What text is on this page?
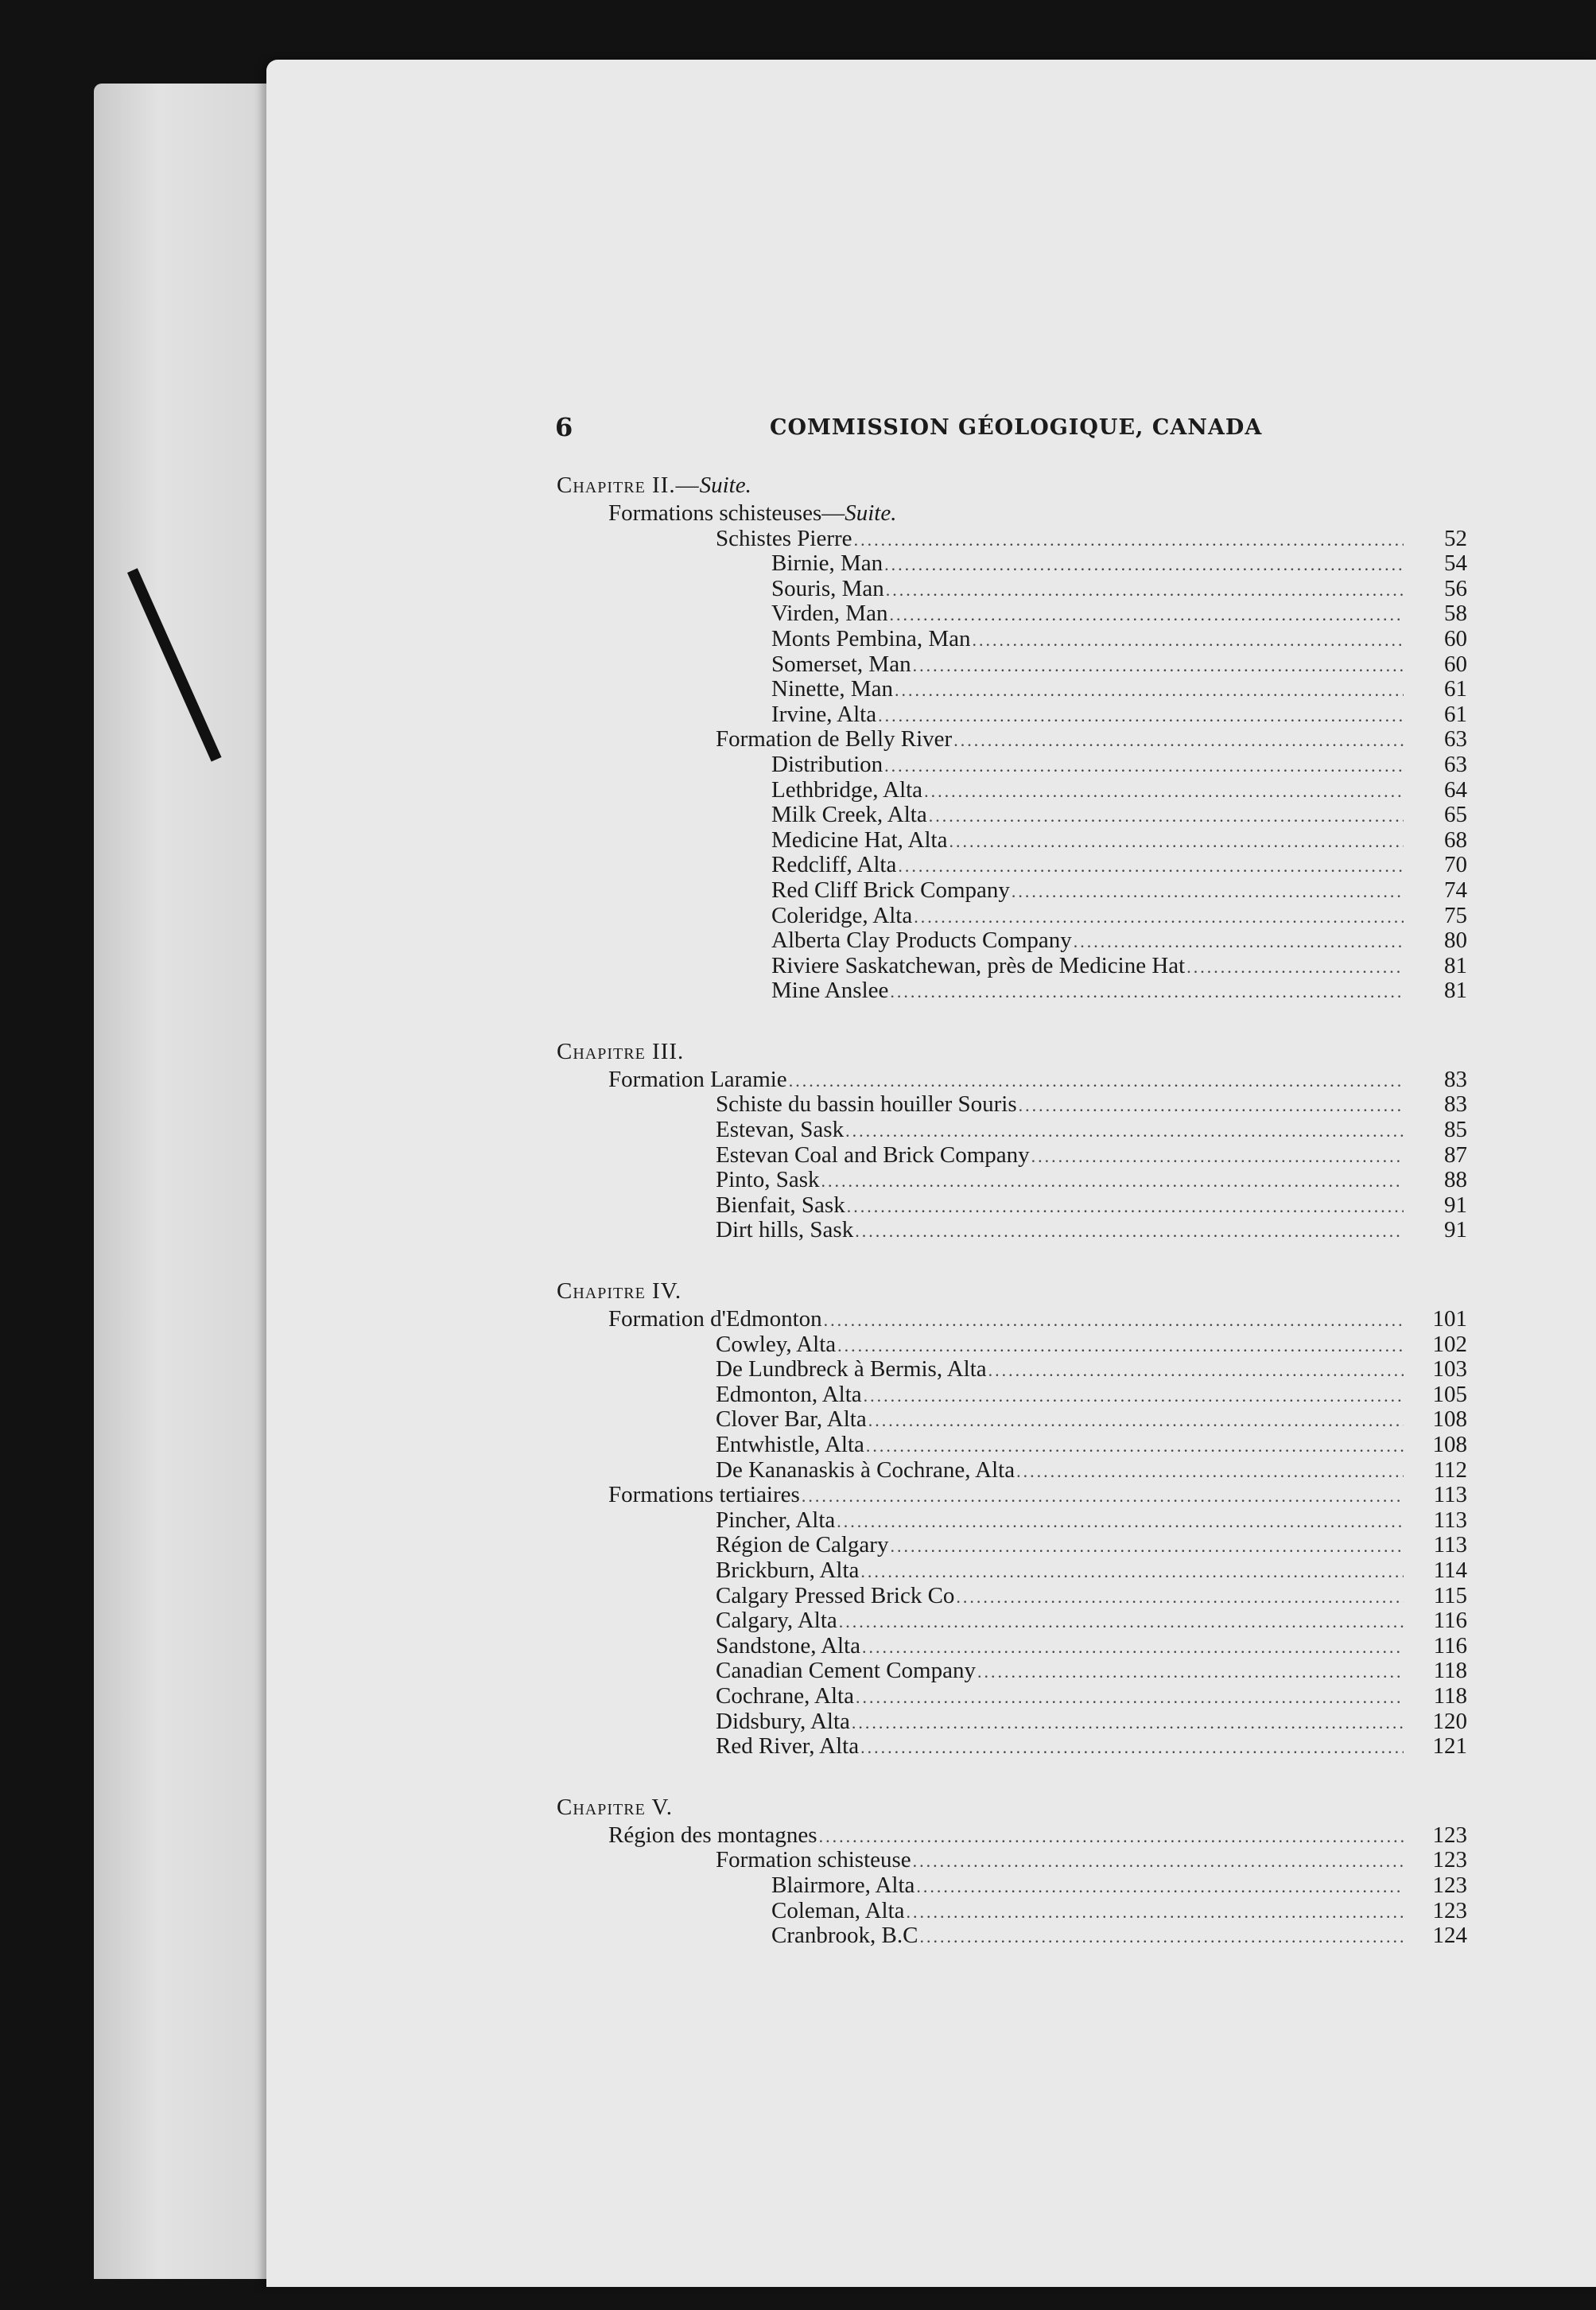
6	COMMISSION GÉOLOGIQUE, CANADA
Chapitre II.—Suite.
Formations schisteuses—Suite.
Schistes Pierre .....	52
Birnie, Man .....	54
Souris, Man .....	56
Virden, Man .....	58
Monts Pembina, Man .....	60
Somerset, Man .....	60
Ninette, Man .....	61
Irvine, Alta .....	61
Formation de Belly River .....	63
Distribution .....	63
Lethbridge, Alta .....	64
Milk Creek, Alta .....	65
Medicine Hat, Alta .....	68
Redcliff, Alta .....	70
Red Cliff Brick Company .....	74
Coleridge, Alta .....	75
Alberta Clay Products Company .....	80
Riviere Saskatchewan, près de Medicine Hat .....	81
Mine Anslee .....	81
Chapitre III.
Formation Laramie .....	83
Schiste du bassin houiller Souris .....	83
Estevan, Sask .....	85
Estevan Coal and Brick Company .....	87
Pinto, Sask .....	88
Bienfait, Sask .....	91
Dirt hills, Sask .....	91
Chapitre IV.
Formation d'Edmonton .....	101
Cowley, Alta .....	102
De Lundbreck à Bermis, Alta .....	103
Edmonton, Alta .....	105
Clover Bar, Alta .....	108
Entwhistle, Alta .....	108
De Kananaskis à Cochrane, Alta .....	112
Formations tertiaires .....	113
Pincher, Alta .....	113
Région de Calgary .....	113
Brickburn, Alta .....	114
Calgary Pressed Brick Co .....	115
Calgary, Alta .....	116
Sandstone, Alta .....	116
Canadian Cement Company .....	118
Cochrane, Alta .....	118
Didsbury, Alta .....	120
Red River, Alta .....	121
Chapitre V.
Région des montagnes .....	123
Formation schisteuse .....	123
Blairmore, Alta .....	123
Coleman, Alta .....	123
Cranbrook, B.C .....	124
